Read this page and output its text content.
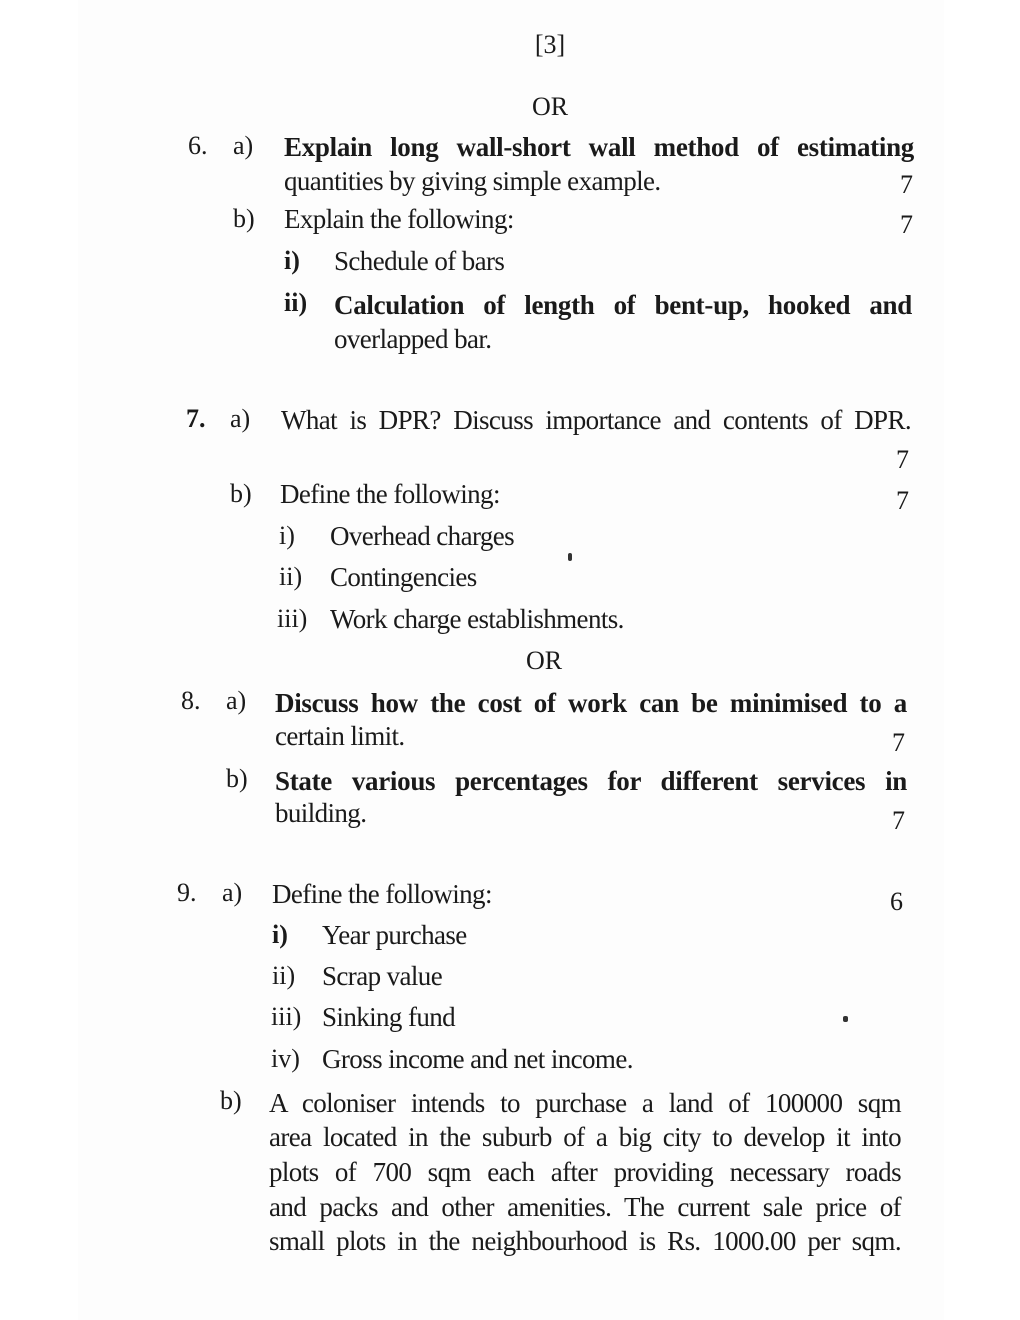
[3]
OR
6. a) Explain long wall-short wall method of estimating
quantities by giving simple example.	7
b) Explain the following:	7
i) Schedule of bars
ii) Calculation of length of bent-up, hooked and
overlapped bar.
7. a) What is DPR? Discuss importance and contents of DPR.
7
b) Define the following:	7
i) Overhead charges
ii) Contingencies
iii) Work charge establishments.
OR
8. a) Discuss how the cost of work can be minimised to a
certain limit.	7
b) State various percentages for different services in
building.	7
9. a) Define the following:	6
i) Year purchase
ii) Scrap value
iii) Sinking fund
iv) Gross income and net income.
b) A coloniser intends to purchase a land of 100000 sqm
area located in the suburb of a big city to develop it into
plots of 700 sqm each after providing necessary roads
and packs and other amenities. The current sale price of
small plots in the neighbourhood is Rs. 1000.00 per sqm.
